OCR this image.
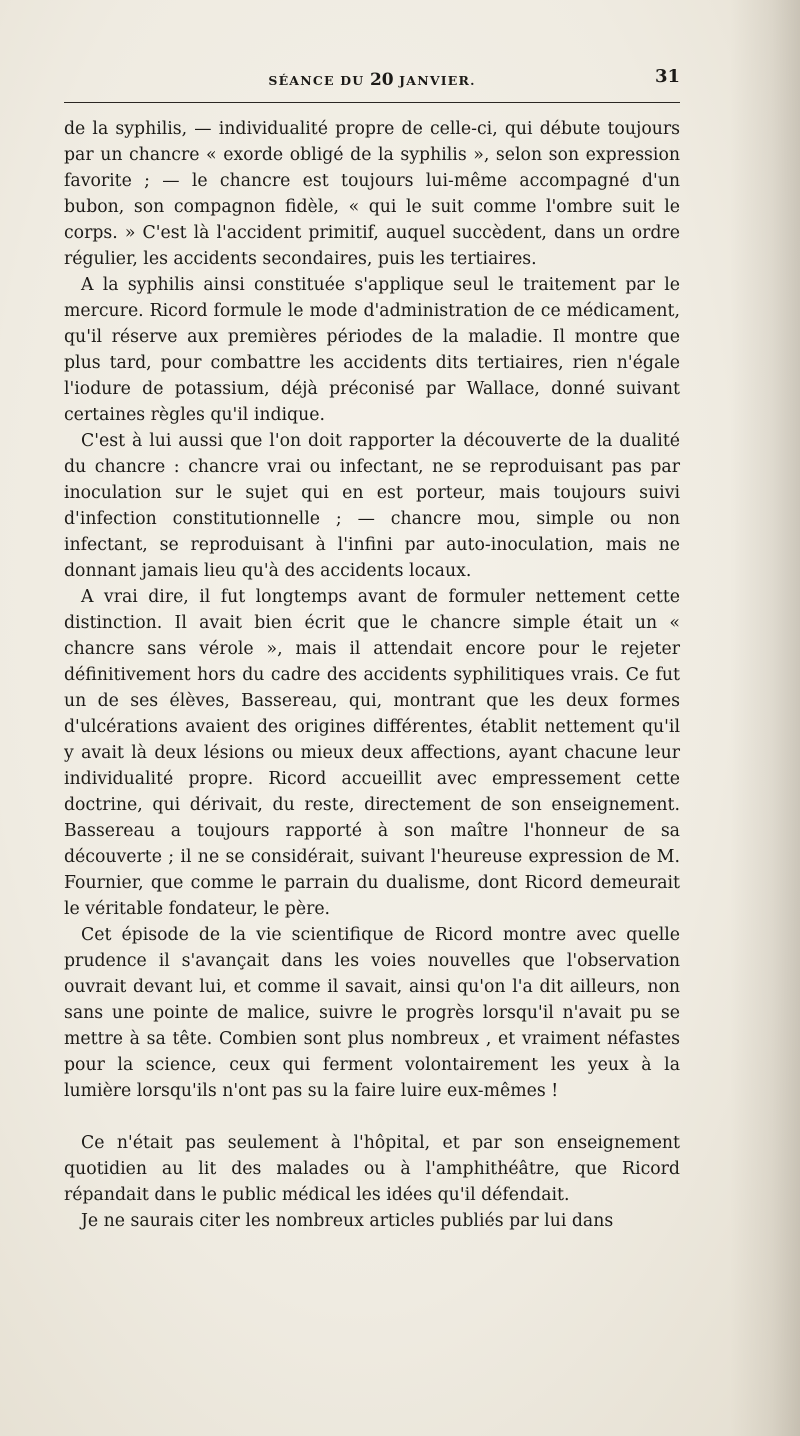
SÉANCE DU 20 JANVIER.	31

de la syphilis, — individualité propre de celle-ci, qui débute toujours par un chancre « exorde obligé de la syphilis », selon son expression favorite ; — le chancre est toujours lui-même accompagné d'un bubon, son compagnon fidèle, « qui le suit comme l'ombre suit le corps. » C'est là l'accident primitif, auquel succèdent, dans un ordre régulier, les accidents secondaires, puis les tertiaires.

A la syphilis ainsi constituée s'applique seul le traitement par le mercure. Ricord formule le mode d'administration de ce médicament, qu'il réserve aux premières périodes de la maladie. Il montre que plus tard, pour combattre les accidents dits tertiaires, rien n'égale l'iodure de potassium, déjà préconisé par Wallace, donné suivant certaines règles qu'il indique.

C'est à lui aussi que l'on doit rapporter la découverte de la dualité du chancre : chancre vrai ou infectant, ne se reproduisant pas par inoculation sur le sujet qui en est porteur, mais toujours suivi d'infection constitutionnelle ; — chancre mou, simple ou non infectant, se reproduisant à l'infini par auto-inoculation, mais ne donnant jamais lieu qu'à des accidents locaux.

A vrai dire, il fut longtemps avant de formuler nettement cette distinction. Il avait bien écrit que le chancre simple était un « chancre sans vérole », mais il attendait encore pour le rejeter définitivement hors du cadre des accidents syphilitiques vrais. Ce fut un de ses élèves, Bassereau, qui, montrant que les deux formes d'ulcérations avaient des origines différentes, établit nettement qu'il y avait là deux lésions ou mieux deux affections, ayant chacune leur individualité propre. Ricord accueillit avec empressement cette doctrine, qui dérivait, du reste, directement de son enseignement. Bassereau a toujours rapporté à son maître l'honneur de sa découverte ; il ne se considérait, suivant l'heureuse expression de M. Fournier, que comme le parrain du dualisme, dont Ricord demeurait le véritable fondateur, le père.

Cet épisode de la vie scientifique de Ricord montre avec quelle prudence il s'avançait dans les voies nouvelles que l'observation ouvrait devant lui, et comme il savait, ainsi qu'on l'a dit ailleurs, non sans une pointe de malice, suivre le progrès lorsqu'il n'avait pu se mettre à sa tête. Combien sont plus nombreux , et vraiment néfastes pour la science, ceux qui ferment volontairement les yeux à la lumière lorsqu'ils n'ont pas su la faire luire eux-mêmes !

Ce n'était pas seulement à l'hôpital, et par son enseignement quotidien au lit des malades ou à l'amphithéâtre, que Ricord répandait dans le public médical les idées qu'il défendait.

Je ne saurais citer les nombreux articles publiés par lui dans
